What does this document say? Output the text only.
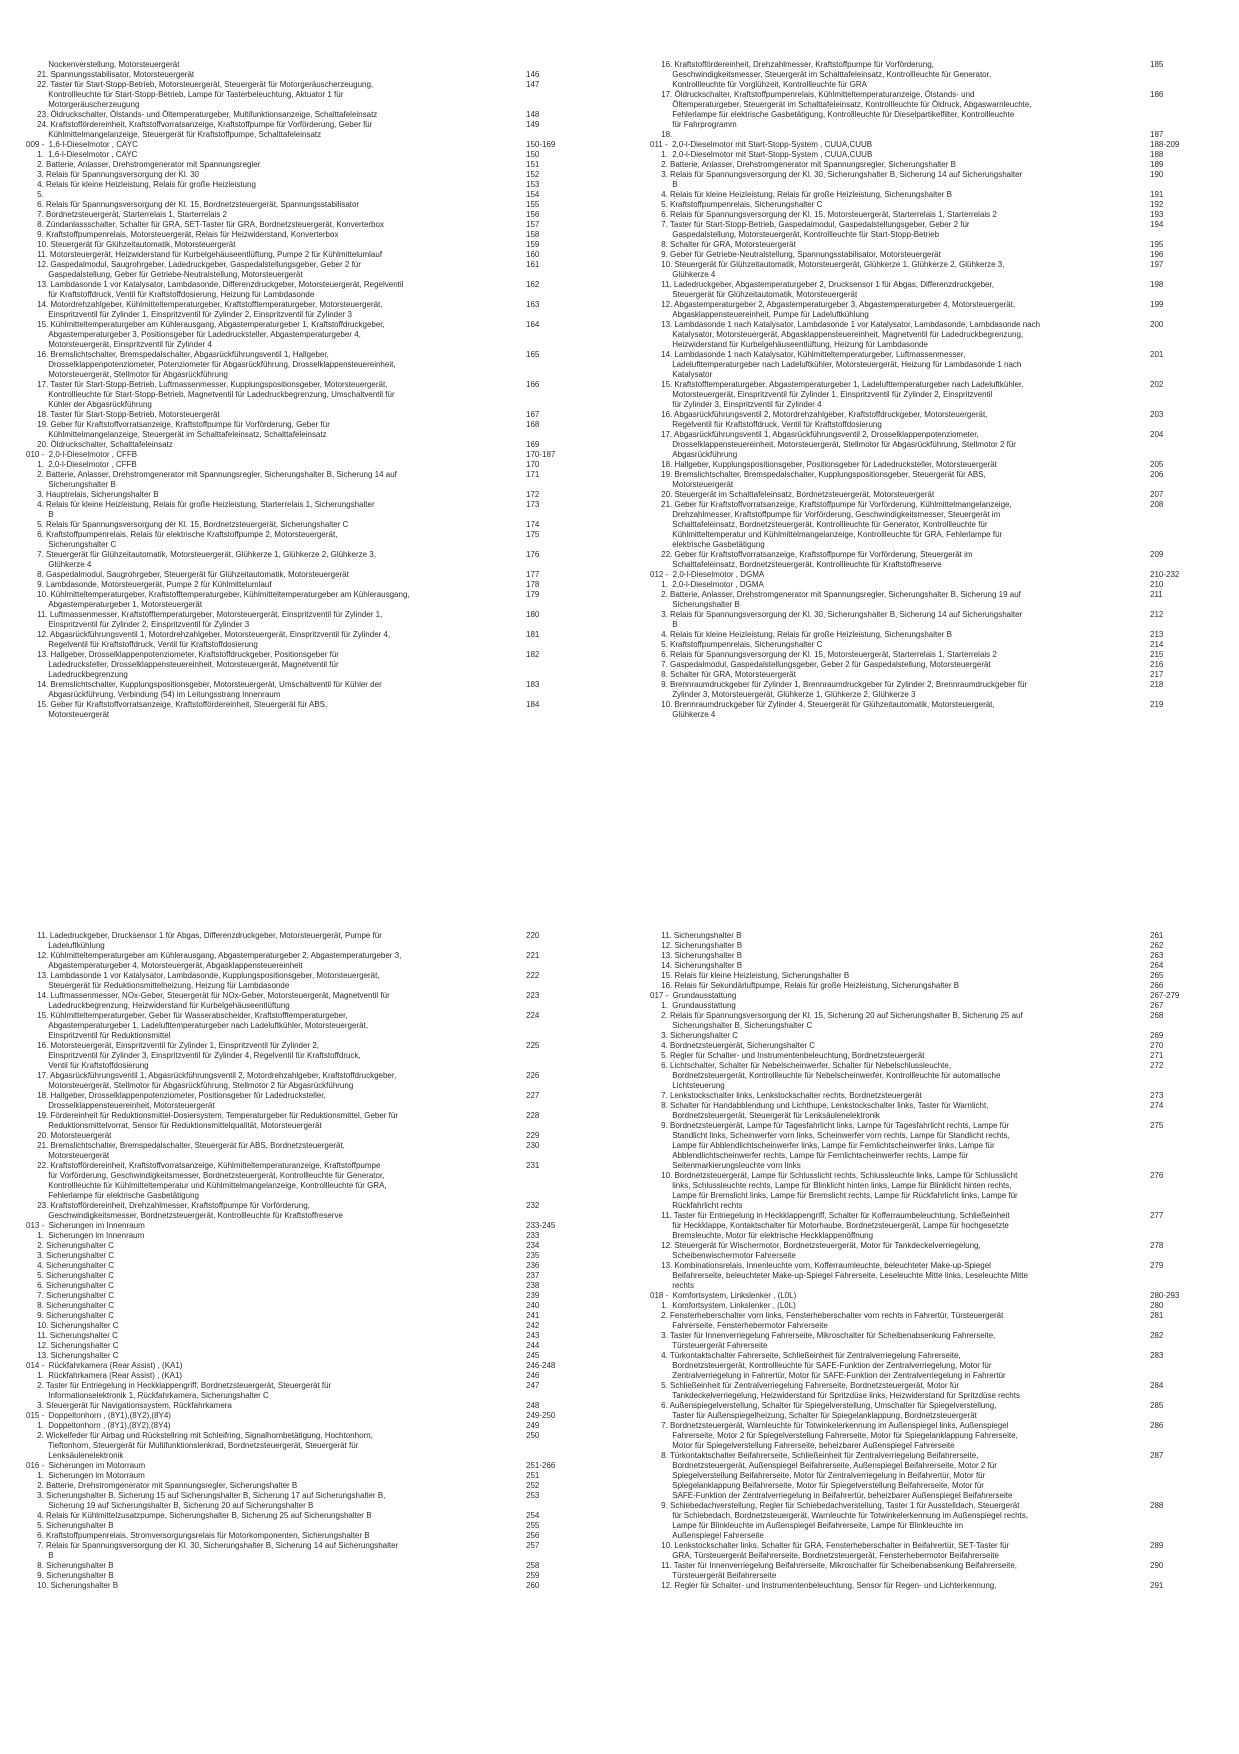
Nockenverstellung, Motorsteuergerät
21. Spannungsstabilisator, Motorsteuergerät	146
22. Taster für Start-Stopp-Betrieb, Motorsteuergerät, Steuergerät für Motorgeräuscherzeugung,
Kontrollleuchte für Start-Stopp-Betrieb, Lampe für Tasterbeleuchtung, Aktuator 1 für
Motorgeräuscherzeugung
147
23. Öldruckschalter, Ölstands- und Öltemperaturgeber, Multifunktionsanzeige, Schalttafeleinsatz	148
24. Kraftstoffördereinheit, Kraftstoffvorratsanzeige, Kraftstoffpumpe für Vorförderung, Geber für
Kühlmittelmangelanzeige, Steuergerät für Kraftstoffpumpe, Schalttafeleinsatz
149
009 -  1,6-l-Dieselmotor , CAYC	150-169
1.  1,6-l-Dieselmotor , CAYC	150
2. Batterie, Anlasser, Drehstromgenerator mit Spannungsregler	151
3. Relais für Spannungsversorgung der Kl. 30	152
4. Relais für kleine Heizleistung, Relais für große Heizleistung	153
5.	154
6. Relais für Spannungsversorgung der Kl. 15, Bordnetzsteuergerät, Spannungsstabilisator	155
7. Bordnetzsteuergerät, Starterrelais 1, Starterrelais 2	156
8. Zündanlassschalter, Schalter für GRA, SET-Taster für GRA, Bordnetzsteuergerät, Konverterbox	157
9. Kraftstoffpumpenrelais, Motorsteuergerät, Relais für Heizwiderstand, Konverterbox	158
10. Steuergerät für Glühzeitautomatik, Motorsteuergerät	159
11. Motorsteuergerät, Heizwiderstand für Kurbelgehäuseentlüftung, Pumpe 2 für Kühlmittelumlauf	160
12. Gaspedalmodul, Saugrohrgeber, Ladedruckgeber, Gaspedalstellungsgeber, Geber 2 für
Gaspedalstellung, Geber für Getriebe-Neutralstellung, Motorsteuergerät
161
13. Lambdasonde 1 vor Katalysator, Lambdasonde, Differenzdruckgeber, Motorsteuergerät, Regelventil
für Kraftstoffdruck, Ventil für Kraftstoffdosierung, Heizung für Lambdasonde
162
14. Motordrehzahlgeber, Kühlmitteltemperaturgeber, Kraftstofftemperaturgeber, Motorsteuergerät,
Einspritzventil für Zylinder 1, Einspritzventil für Zylinder 2, Einspritzventil für Zylinder 3
163
15. Kühlmitteltemperaturgeber am Kühlerausgang, Abgastemperaturgeber 1, Kraftstoffdruckgeber,
Abgastemperaturgeber 3, Positionsgeber für Ladedrucksteller, Abgastemperaturgeber 4,
Motorsteuergerät, Einspritzventil für Zylinder 4
164
16. Bremslichtschalter, Bremspedalschalter, Abgasrückführungsventil 1, Hallgeber,
Drosselklappenpotenziometer, Potenziometer für Abgasrückführung, Drosselklappensteuereinheit,
Motorsteuergerät, Stellmotor für Abgasrückführung
165
17. Taster für Start-Stopp-Betrieb, Luftmassenmesser, Kupplungspositionsgeber, Motorsteuergerät,
Kontrollleuchte für Start-Stopp-Betrieb, Magnetventil für Ladedruckbegrenzung, Umschaltventil für
Kühler der Abgasrückführung
166
18. Taster für Start-Stopp-Betrieb, Motorsteuergerät	167
19. Geber für Kraftstoffvorratsanzeige, Kraftstoffpumpe für Vorförderung, Geber für
Kühlmittelmangelanzeige, Steuergerät im Schalttafeleinsatz, Schalttafeleinsatz
168
20. Öldruckschalter, Schalttafeleinsatz	169
010 -  2,0-l-Dieselmotor , CFFB	170-187
1.  2,0-l-Dieselmotor , CFFB	170
2. Batterie, Anlasser, Drehstromgenerator mit Spannungsregler, Sicherungshalter B, Sicherung 14 auf
Sicherungshalter B
171
3. Hauptrelais, Sicherungshalter B	172
4. Relais für kleine Heizleistung, Relais für große Heizleistung, Starterrelais 1, Sicherungshalter
B
173
5. Relais für Spannungsversorgung der Kl. 15, Bordnetzsteuergerät, Sicherungshalter C	174
6. Kraftstoffpumpenrelais, Relais für elektrische Kraftstoffpumpe 2, Motorsteuergerät,
Sicherungshalter C
175
7. Steuergerät für Glühzeitautomatik, Motorsteuergerät, Glühkerze 1, Glühkerze 2, Glühkerze 3,
Glühkerze 4
176
8. Gaspedalmodul, Saugrohrgeber, Steuergerät für Glühzeitautomatik, Motorsteuergerät	177
9. Lambdasonde, Motorsteuergerät, Pumpe 2 für Kühlmittelumlauf	178
10. Kühlmitteltemperaturgeber, Kraftstofftemperaturgeber, Kühlmitteltemperaturgeber am Kühlerausgang,
Abgastemperaturgeber 1, Motorsteuergerät
179
11. Luftmassenmesser, Kraftstofftemperaturgeber, Motorsteuergerät, Einspritzventil für Zylinder 1,
Einspritzventil für Zylinder 2, Einspritzventil für Zylinder 3
180
12. Abgasrückführungsventil 1, Motordrehzahlgeber, Motorsteuergerät, Einspritzventil für Zylinder 4,
Regelventil für Kraftstoffdruck, Ventil für Kraftstoffdosierung
181
13. Hallgeber, Drosselklappenpotenziometer, Kraftstoffdruckgeber, Positionsgeber für
Ladedrucksteller, Drosselklappensteuereinheit, Motorsteuergerät, Magnetventil für
Ladedruckbegrenzung
182
14. Bremslichtschalter, Kupplungspositionsgeber, Motorsteuergerät, Umschaltventil für Kühler der
Abgasrückführung, Verbindung (54) im Leitungsstrang Innenraum
183
15. Geber für Kraftstoffvorratsanzeige, Kraftstoffördereinheit, Steuergerät für ABS,
Motorsteuergerät
184
16. Kraftstoffördereinheit, Drehzahlmesser, Kraftstoffpumpe für Vorförderung,
Geschwindigkeitsmesser, Steuergerät im Schalttafeleinsatz, Kontrollleuchte für Generator,
Kontrollleuchte für Vorglühzeit, Kontrollleuchte für GRA
185
17. Öldruckschalter, Kraftstoffpumpenrelais, Kühlmitteltemperaturanzeige, Ölstands- und
Öltemperaturgeber, Steuergerät im Schalttafeleinsatz, Kontrollleuchte für Öldruck, Abgaswarnleuchte,
Fehlerlampe für elektrische Gasbetätigung, Kontrollleuchte für Dieselpartikelfilter, Kontrollleuchte
für Fahrprogramm
186
18.	187
011 -  2,0-l-Dieselmotor mit Start-Stopp-System , CUUA,CUUB	188-209
1.  2,0-l-Dieselmotor mit Start-Stopp-System , CUUA,CUUB	188
2. Batterie, Anlasser, Drehstromgenerator mit Spannungsregler, Sicherungshalter B	189
3. Relais für Spannungsversorgung der Kl. 30, Sicherungshalter B, Sicherung 14 auf Sicherungshalter
B
190
4. Relais für kleine Heizleistung, Relais für große Heizleistung, Sicherungshalter B	191
5. Kraftstoffpumpenrelais, Sicherungshalter C	192
6. Relais für Spannungsversorgung der Kl. 15, Motorsteuergerät, Starterrelais 1, Starterrelais 2	193
7. Taster für Start-Stopp-Betrieb, Gaspedalmodul, Gaspedalstellungsgeber, Geber 2 für
Gaspedalstellung, Motorsteuergerät, Kontrollleuchte für Start-Stopp-Betrieb
194
8. Schalter für GRA, Motorsteuergerät	195
9. Geber für Getriebe-Neutralstellung, Spannungsstabilisator, Motorsteuergerät	196
10. Steuergerät für Glühzeitautomatik, Motorsteuergerät, Glühkerze 1, Glühkerze 2, Glühkerze 3,
Glühkerze 4
197
11. Ladedruckgeber, Abgastemperaturgeber 2, Drucksensor 1 für Abgas, Differenzdruckgeber,
Steuergerät für Glühzeitautomatik, Motorsteuergerät
198
12. Abgastemperaturgeber 2, Abgastemperaturgeber 3, Abgastemperaturgeber 4, Motorsteuergerät,
Abgasklappensteuereinheit, Pumpe für Ladeluftkühlung
199
13. Lambdasonde 1 nach Katalysator, Lambdasonde 1 vor Katalysator, Lambdasonde, Lambdasonde nach
Katalysator, Motorsteuergerät, Abgasklappensteuereinheit, Magnetventil für Ladedruckbegrenzung,
Heizwiderstand für Kurbelgehäuseentlüftung, Heizung für Lambdasonde
200
14. Lambdasonde 1 nach Katalysator, Kühlmitteltemperaturgeber, Luftmassenmesser,
Ladelufttemperaturgeber nach Ladeluftkühler, Motorsteuergerät, Heizung für Lambdasonde 1 nach
Katalysator
201
15. Kraftstofftemperaturgeber, Abgastemperaturgeber 1, Ladelufttemperaturgeber nach Ladeluftkühler,
Motorsteuergerät, Einspritzventil für Zylinder 1, Einspritzventil für Zylinder 2, Einspritzventil
für Zylinder 3, Einspritzventil für Zylinder 4
202
16. Abgasrückführungsventil 2, Motordrehzahlgeber, Kraftstoffdruckgeber, Motorsteuergerät,
Regelventil für Kraftstoffdruck, Ventil für Kraftstoffdosierung
203
17. Abgasrückführungsventil 1, Abgasrückführungsventil 2, Drosselklappenpotenziometer,
Drosselklappensteuereinheit, Motorsteuergerät, Stellmotor für Abgasrückführung, Stellmotor 2 für
Abgasrückführung
204
18. Hallgeber, Kupplungspositionsgeber, Positionsgeber für Ladedrucksteller, Motorsteuergerät	205
19. Bremslichtschalter, Bremspedalschalter, Kupplungspositionsgeber, Steuergerät für ABS,
Motorsteuergerät
206
20. Steuergerät im Schalttafeleinsatz, Bordnetzsteuergerät, Motorsteuergerät	207
21. Geber für Kraftstoffvorratsanzeige, Kraftstoffpumpe für Vorförderung, Kühlmittelmangelanzeige,
Drehzahlmesser, Kraftstoffpumpe für Vorförderung, Geschwindigkeitsmesser, Steuergerät im
Schalttafeleinsatz, Bordnetzsteuergerät, Kontrollleuchte für Generator, Kontrollleuchte für
Kühlmitteltemperatur und Kühlmittelmangelanzeige, Kontrollleuchte für GRA, Fehlerlampe für
elektrische Gasbetätigung
208
22. Geber für Kraftstoffvorratsanzeige, Kraftstoffpumpe für Vorförderung, Steuergerät im
Schalttafeleinsatz, Bordnetzsteuergerät, Kontrollleuchte für Kraftstoffreserve
209
012 -  2,0-l-Dieselmotor , DGMA	210-232
1.  2,0-l-Dieselmotor , DGMA	210
2. Batterie, Anlasser, Drehstromgenerator mit Spannungsregler, Sicherungshalter B, Sicherung 19 auf
Sicherungshalter B
211
3. Relais für Spannungsversorgung der Kl. 30, Sicherungshalter B, Sicherung 14 auf Sicherungshalter
B
212
4. Relais für kleine Heizleistung, Relais für große Heizleistung, Sicherungshalter B	213
5. Kraftstoffpumpenrelais, Sicherungshalter C	214
6. Relais für Spannungsversorgung der Kl. 15, Motorsteuergerät, Starterrelais 1, Starterrelais 2	215
7. Gaspedalmodul, Gaspedalstellungsgeber, Geber 2 für Gaspedalstellung, Motorsteuergerät	216
8. Schalter für GRA, Motorsteuergerät	217
9. Brennraumdruckgeber für Zylinder 1, Brennraumdruckgeber für Zylinder 2, Brennraumdruckgeber für
Zylinder 3, Motorsteuergerät, Glühkerze 1, Glühkerze 2, Glühkerze 3
218
10. Brennraumdruckgeber für Zylinder 4, Steuergerät für Glühzeitautomatik, Motorsteuergerät,
Glühkerze 4
219
11. Ladedruckgeber, Drucksensor 1 für Abgas, Differenzdruckgeber, Motorsteuergerät, Pumpe für
Ladeluftkühlung
220
12. Kühlmitteltemperaturgeber am Kühlerausgang, Abgastemperaturgeber 2, Abgastemperaturgeber 3,
Abgastemperaturgeber 4, Motorsteuergerät, Abgasklappensteuereinheit
221
13. Lambdasonde 1 vor Katalysator, Lambdasonde, Kupplungspositionsgeber, Motorsteuergerät,
Steuergerät für Reduktionsmittelheizung, Heizung für Lambdasonde
222
14. Luftmassenmesser, NOx-Geber, Steuergerät für NOx-Geber, Motorsteuergerät, Magnetventil für
Ladedruckbegrenzung, Heizwiderstand für Kurbelgehäuseentlüftung
223
15. Kühlmitteltemperaturgeber, Geber für Wasserabscheider, Kraftstofftemperaturgeber,
Abgastemperaturgeber 1, Ladelufttemperaturgeber nach Ladeluftkühler, Motorsteuergerät,
Einspritzventil für Reduktionsmittel
224
16. Motorsteuergerät, Einspritzventil für Zylinder 1, Einspritzventil für Zylinder 2,
Einspritzventil für Zylinder 3, Einspritzventil für Zylinder 4, Regelventil für Kraftstoffdruck,
Ventil für Kraftstoffdosierung
225
17. Abgasrückführungsventil 1, Abgasrückführungsventil 2, Motordrehzahlgeber, Kraftstoffdruckgeber,
Motorsteuergerät, Stellmotor für Abgasrückführung, Stellmotor 2 für Abgasrückführung
226
18. Hallgeber, Drosselklappenpotenziometer, Positionsgeber für Ladedrucksteller,
Drosselklappensteuereinheit, Motorsteuergerät
227
19. Fördereinheit für Reduktionsmittel-Dosiersystem, Temperaturgeber für Reduktionsmittel, Geber für
Reduktionsmittelvorrat, Sensor für Reduktionsmittelqualität, Motorsteuergerät
228
20. Motorsteuergerät	229
21. Bremslichtschalter, Bremspedalschalter, Steuergerät für ABS, Bordnetzsteuergerät,
Motorsteuergerät
230
22. Kraftstoffördereinheit, Kraftstoffvorratsanzeige, Kühlmitteltemperaturanzeige, Kraftstoffpumpe
für Vorförderung, Geschwindigkeitsmesser, Bordnetzsteuergerät, Kontrollleuchte für Generator,
Kontrollleuchte für Kühlmitteltemperatur und Kühlmittelmangelanzeige, Kontrollleuchte für GRA,
Fehlerlampe für elektrische Gasbetätigung
231
23. Kraftstoffördereinheit, Drehzahlmesser, Kraftstoffpumpe für Vorförderung,
Geschwindigkeitsmesser, Bordnetzsteuergerät, Kontrollleuchte für Kraftstoffreserve
232
013 -  Sicherungen im Innenraum	233-245
1.  Sicherungen im Innenraum	233
2. Sicherungshalter C	234
3. Sicherungshalter C	235
4. Sicherungshalter C	236
5. Sicherungshalter C	237
6. Sicherungshalter C	238
7. Sicherungshalter C	239
8. Sicherungshalter C	240
9. Sicherungshalter C	241
10. Sicherungshalter C	242
11. Sicherungshalter C	243
12. Sicherungshalter C	244
13. Sicherungshalter C	245
014 -  Rückfahrkamera (Rear Assist) , (KA1)	246-248
1.  Rückfahrkamera (Rear Assist) , (KA1)	246
2. Taster für Entriegelung in Heckklappengriff, Bordnetzsteuergerät, Steuergerät für
Informationselektronik 1, Rückfahrkamera, Sicherungshalter C
247
3. Steuergerät für Navigationssystem, Rückfahrkamera	248
015 -  Doppeltonhorn , (8Y1),(8Y2),(8Y4)	249-250
1.  Doppeltonhorn , (8Y1),(8Y2),(8Y4)	249
2. Wickelfeder für Airbag und Rückstellring mit Schleifring, Signalhornbetätigung, Hochtonhorn,
Tieftonhorn, Steuergerät für Multifunktionslenkrad, Bordnetzsteuergerät, Steuergerät für
Lenksäulenelektronik
250
016 -  Sicherungen im Motorraum	251-266
1.  Sicherungen im Motorraum	251
2. Batterie, Drehstromgenerator mit Spannungsregler, Sicherungshalter B	252
3. Sicherungshalter B, Sicherung 15 auf Sicherungshalter B, Sicherung 17 auf Sicherungshalter B,
Sicherung 19 auf Sicherungshalter B, Sicherung 20 auf Sicherungshalter B
253
4. Relais für Kühlmittelzusatzpumpe, Sicherungshalter B, Sicherung 25 auf Sicherungshalter B	254
5. Sicherungshalter B	255
6. Kraftstoffpumpenrelais, Stromversorgungsrelais für Motorkomponenten, Sicherungshalter B	256
7. Relais für Spannungsversorgung der Kl. 30, Sicherungshalter B, Sicherung 14 auf Sicherungshalter
B
257
8. Sicherungshalter B	258
9. Sicherungshalter B	259
10. Sicherungshalter B	260
11. Sicherungshalter B	261
12. Sicherungshalter B	262
13. Sicherungshalter B	263
14. Sicherungshalter B	264
15. Relais für kleine Heizleistung, Sicherungshalter B	265
16. Relais für Sekundärluftpumpe, Relais für große Heizleistung, Sicherungshalter B	266
017 -  Grundausstattung	267-279
1.  Grundausstattung	267
2. Relais für Spannungsversorgung der Kl. 15, Sicherung 20 auf Sicherungshalter B, Sicherung 25 auf
Sicherungshalter B, Sicherungshalter C
268
3. Sicherungshalter C	269
4. Bordnetzsteuergerät, Sicherungshalter C	270
5. Regler für Schalter- und Instrumentenbeleuchtung, Bordnetzsteuergerät	271
6. Lichtschalter, Schalter für Nebelscheinwerfer, Schalter für Nebelschlussleuchte,
Bordnetzsteuergerät, Kontrollleuchte für Nebelscheinwerfer, Kontrollleuchte für automatische
Lichtsteuerung
272
7. Lenkstockschalter links, Lenkstockschalter rechts, Bordnetzsteuergerät	273
8. Schalter für Handabblendung und Lichthupe, Lenkstockschalter links, Taster für Warnlicht,
Bordnetzsteuergerät, Steuergerät für Lenksäulenelektronik
274
9. Bordnetzsteuergerät, Lampe für Tagesfahrlicht links, Lampe für Tagesfahrlicht rechts, Lampe für
Standlicht links, Scheinwerfer vorn links, Scheinwerfer vorn rechts, Lampe für Standlicht rechts,
Lampe für Abblendlichtscheinwerfer links, Lampe für Fernlichtscheinwerfer links, Lampe für
Abblendlichtscheinwerfer rechts, Lampe für Fernlichtscheinwerfer rechts, Lampe für
Seitenmarkierungsleuchte vorn links
275
10. Bordnetzsteuergerät, Lampe für Schlusslicht rechts, Schlussleuchte links, Lampe für Schlusslicht
links, Schlussleuchte rechts, Lampe für Blinklicht hinten links, Lampe für Blinklicht hinten rechts,
Lampe für Bremslicht links, Lampe für Bremslicht rechts, Lampe für Rückfahrlicht links, Lampe für
Rückfahrlicht rechts
276
11. Taster für Entriegelung in Heckklappengriff, Schalter für Kofferraumbeleuchtung, Schließeinheit
für Heckklappe, Kontaktschalter für Motorhaube, Bordnetzsteuergerät, Lampe für hochgesetzte
Bremsleuchte, Motor für elektrische Heckklappenöffnung
277
12. Steuergerät für Wischermotor, Bordnetzsteuergerät, Motor für Tankdeckelverriegelung,
Scheibenwischermotor Fahrerseite
278
13. Kombinationsrelais, Innenleuchte vorn, Kofferraumleuchte, beleuchteter Make-up-Spiegel
Beifahrerseite, beleuchteter Make-up-Spiegel Fahrerseite, Leseleuchte Mitte links, Leseleuchte Mitte
rechts
279
018 -  Komfortsystem, Linkslenker , (L0L)	280-293
1.  Komfortsystem, Linkslenker , (L0L)	280
2. Fensterheberschalter vorn links, Fensterheberschalter vorn rechts in Fahrertür, Türsteuergerät
Fahrerseite, Fensterhebermotor Fahrerseite
281
3. Taster für Innenverriegelung Fahrerseite, Mikroschalter für Scheibenabsenkung Fahrerseite,
Türsteuergerät Fahrerseite
282
4. Türkontaktschalter Fahrerseite, Schließeinheit für Zentralverriegelung Fahrerseite,
Bordnetzsteuergerät, Kontrollleuchte für SAFE-Funktion der Zentralverriegelung, Motor für
Zentralverriegelung in Fahrertür, Motor für SAFE-Funktion der Zentralverriegelung in Fahrertür
283
5. Schließeinheit für Zentralverriegelung Fahrerseite, Bordnetzsteuergerät, Motor für
Tankdeckelverriegelung, Heizwiderstand für Spritzdüse links, Heizwiderstand für Spritzdüse rechts
284
6. Außenspiegelverstellung, Schalter für Spiegelverstellung, Umschalter für Spiegelverstellung,
Taster für Außenspiegelheizung, Schalter für Spiegelanklappung, Bordnetzsteuergerät
285
7. Bordnetzsteuergerät, Warnleuchte für Totwinkelerkennung im Außenspiegel links, Außenspiegel
Fahrerseite, Motor 2 für Spiegelverstellung Fahrerseite, Motor für Spiegelanklappung Fahrerseite,
Motor für Spiegelverstellung Fahrerseite, beheizbarer Außenspiegel Fahrerseite
286
8. Türkontaktschalter Beifahrerseite, Schließeinheit für Zentralverriegelung Beifahrerseite,
Bordnetzsteuergerät, Außenspiegel Beifahrerseite, Außenspiegel Beifahrerseite, Motor 2 für
Spiegelverstellung Beifahrerseite, Motor für Zentralverriegelung in Beifahrertür, Motor für
Spiegelanklappung Beifahrerseite, Motor für Spiegelverstellung Beifahrerseite, Motor für
SAFE-Funktion der Zentralverriegelung in Beifahrertür, beheizbarer Außenspiegel Beifahrerseite
287
9. Schiebedachverstellung, Regler für Schiebedachverstellung, Taster 1 für Ausstelldach, Steuergerät
für Schiebedach, Bordnetzsteuergerät, Warnleuchte für Totwinkelerkennung im Außenspiegel rechts,
Lampe für Blinkleuchte im Außenspiegel Beifahrerseite, Lampe für Blinkleuchte im
Außenspiegel Fahrerseite
288
10. Lenkstockschalter links, Schalter für GRA, Fensterheberschalter in Beifahrertür, SET-Taster für
GRA, Türsteuergerät Beifahrerseite, Bordnetzsteuergerät, Fensterhebermotor Beifahrerseite
289
11. Taster für Innenverriegelung Beifahrerseite, Mikroschalter für Scheibenabsenkung Beifahrerseite,
Türsteuergerät Beifahrerseite
290
12. Regler für Schalter- und Instrumentenbeleuchtung, Sensor für Regen- und Lichterkennung,	291
